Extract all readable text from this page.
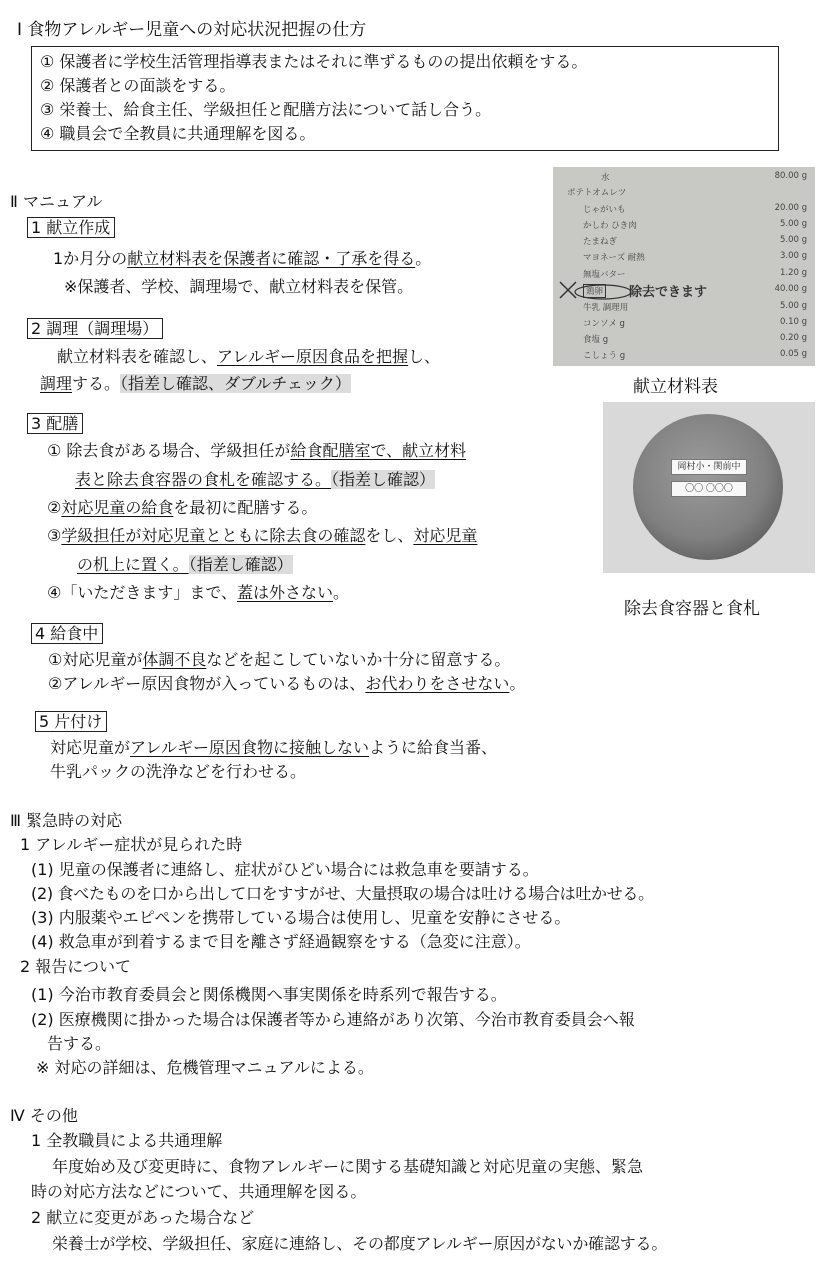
Ⅰ 食物アレルギー児童への対応状況把握の仕方
① 保護者に学校生活管理指導表またはそれに準ずるものの提出依頼をする。
② 保護者との面談をする。
③ 栄養士、給食主任、学級担任と配膳方法について話し合う。
④ 職員会で全教員に共通理解を図る。
Ⅱ マニュアル
1 献立作成
1か月分の献立材料表を保護者に確認・了承を得る。
※保護者、学校、調理場で、献立材料表を保管。
2 調理（調理場）
献立材料表を確認し、アレルギー原因食品を把握し、
調理する。（指差し確認、ダブルチェック）
3 配膳
① 除去食がある場合、学級担任が給食配膳室で、献立材料
表と除去食容器の食札を確認する。（指差し確認）
②対応児童の給食を最初に配膳する。
③学級担任が対応児童とともに除去食の確認をし、対応児童
の机上に置く。（指差し確認）
④「いただきます」まで、蓋は外さない。
4 給食中
①対応児童が体調不良などを起こしていないか十分に留意する。
②アレルギー原因食物が入っているものは、お代わりをさせない。
5 片付け
対応児童がアレルギー原因食物に接触しないように給食当番、
牛乳パックの洗浄などを行わせる。
Ⅲ 緊急時の対応
1 アレルギー症状が見られた時
(1) 児童の保護者に連絡し、症状がひどい場合には救急車を要請する。
(2) 食べたものを口から出して口をすすがせ、大量摂取の場合は吐ける場合は吐かせる。
(3) 内服薬やエピペンを携帯している場合は使用し、児童を安静にさせる。
(4) 救急車が到着するまで目を離さず経過観察をする（急変に注意）。
2 報告について
(1) 今治市教育委員会と関係機関へ事実関係を時系列で報告する。
(2) 医療機関に掛かった場合は保護者等から連絡があり次第、今治市教育委員会へ報
告する。
※ 対応の詳細は、危機管理マニュアルによる。
Ⅳ その他
1 全教職員による共通理解
年度始め及び変更時に、食物アレルギーに関する基礎知識と対応児童の実態、緊急
時の対応方法などについて、共通理解を図る。
2 献立に変更があった場合など
栄養士が学校、学級担任、家庭に連絡し、その都度アレルギー原因がないか確認する。
水	80.00 g
ポテトオムレツ
じゃがいも	20.00 g
かしわ ひき肉	5.00 g
たまねぎ	5.00 g
マヨネーズ 耐熱	3.00 g
無塩バター	1.20 g
鶏卵	40.00 g
牛乳 調理用	5.00 g
コンソメ g	0.10 g
食塩 g	0.20 g
こしょう g	0.05 g
除去できます
献立材料表
岡村小・関前中
〇〇 〇〇〇
除去食容器と食札
